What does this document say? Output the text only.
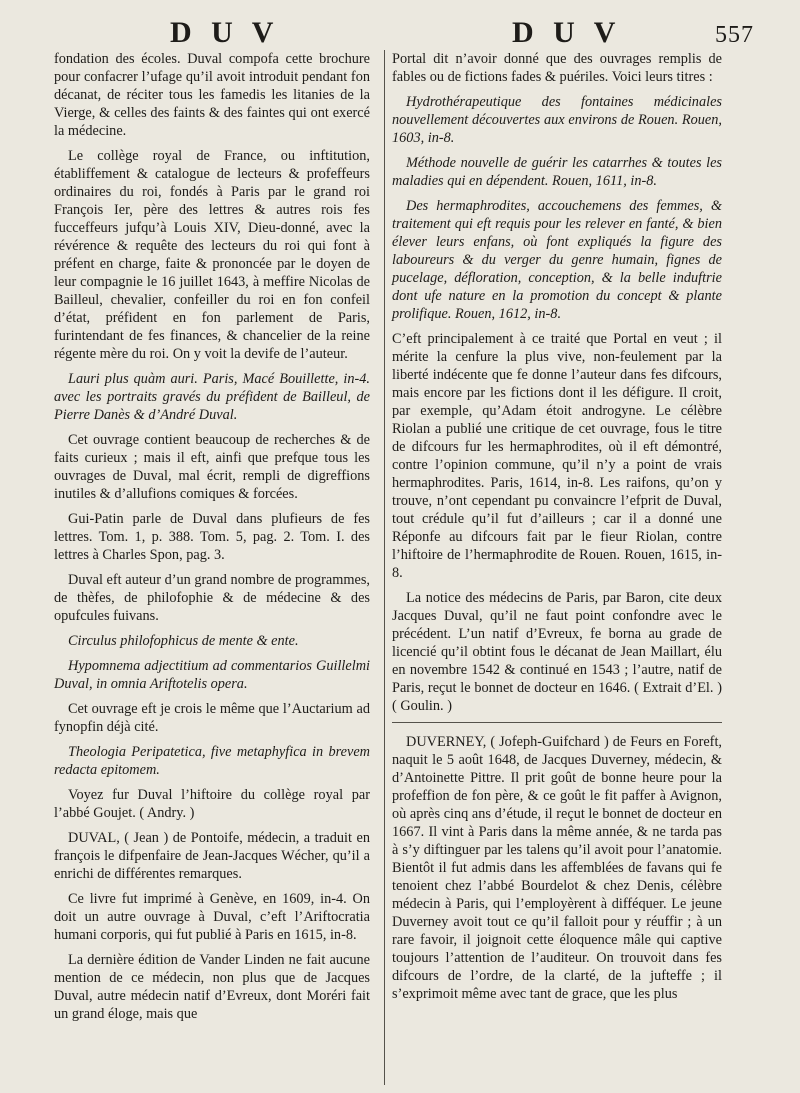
D U V	D U V	557

fondation des écoles. Duval compofa cette brochure pour confacrer l’ufage qu’il avoit introduit pendant fon décanat, de réciter tous les famedis les litanies de la Vierge, & celles des faints & des faintes qui ont exercé la médecine.

Le collège royal de France, ou inftitution, établiffement & catalogue de lecteurs & profeffeurs ordinaires du roi, fondés à Paris par le grand roi François Ier, père des lettres & autres rois fes fucceffeurs jufqu’à Louis XIV, Dieu-donné, avec la révérence & requête des lecteurs du roi qui font à préfent en charge, faite & prononcée par le doyen de leur compagnie le 16 juillet 1643, à meffire Nicolas de Bailleul, chevalier, confeiller du roi en fon confeil d’état, préfident en fon parlement de Paris, furintendant de fes finances, & chancelier de la reine régente mère du roi. On y voit la devife de l’auteur.

Lauri plus quàm auri. Paris, Macé Bouillette, in-4. avec les portraits gravés du préfident de Bailleul, de Pierre Danès & d’André Duval.

Cet ouvrage contient beaucoup de recherches & de faits curieux ; mais il eft, ainfi que prefque tous les ouvrages de Duval, mal écrit, rempli de digreffions inutiles & d’allufions comiques & forcées.

Gui-Patin parle de Duval dans plufieurs de fes lettres. Tom. 1, p. 388. Tom. 5, pag. 2. Tom. I. des lettres à Charles Spon, pag. 3.

Duval eft auteur d’un grand nombre de programmes, de thèfes, de philofophie & de médecine & des opufcules fuivans.

Circulus philofophicus de mente & ente.

Hypomnema adjectitium ad commentarios Guillelmi Duval, in omnia Ariftotelis opera.

Cet ouvrage eft je crois le même que l’Auctarium ad fynopfin déjà cité.

Theologia Peripatetica, five metaphyfica in brevem redacta epitomem.

Voyez fur Duval l’hiftoire du collège royal par l’abbé Goujet. ( Andry. )

DUVAL, ( Jean ) de Pontoife, médecin, a traduit en françois le difpenfaire de Jean-Jacques Wécher, qu’il a enrichi de différentes remarques.

Ce livre fut imprimé à Genève, en 1609, in-4. On doit un autre ouvrage à Duval, c’eft l’Ariftocratia humani corporis, qui fut publié à Paris en 1615, in-8.

La dernière édition de Vander Linden ne fait aucune mention de ce médecin, non plus que de Jacques Duval, autre médecin natif d’Evreux, dont Moréri fait un grand éloge, mais que

Portal dit n’avoir donné que des ouvrages remplis de fables ou de fictions fades & puériles. Voici leurs titres :

Hydrothérapeutique des fontaines médicinales nouvellement découvertes aux environs de Rouen. Rouen, 1603, in-8.

Méthode nouvelle de guérir les catarrhes & toutes les maladies qui en dépendent. Rouen, 1611, in-8.

Des hermaphrodites, accouchemens des femmes, & traitement qui eft requis pour les relever en fanté, & bien élever leurs enfans, où font expliqués la figure des laboureurs & du verger du genre humain, fignes de pucelage, défloration, conception, & la belle induftrie dont ufe nature en la promotion du concept & plante prolifique. Rouen, 1612, in-8.

C’eft principalement à ce traité que Portal en veut ; il mérite la cenfure la plus vive, non-feulement par la liberté indécente que fe donne l’auteur dans fes difcours, mais encore par les fictions dont il les défigure. Il croit, par exemple, qu’Adam étoit androgyne. Le célèbre Riolan a publié une critique de cet ouvrage, fous le titre de difcours fur les hermaphrodites, où il eft démontré, contre l’opinion commune, qu’il n’y a point de vrais hermaphrodites. Paris, 1614, in-8. Les raifons, qu’on y trouve, n’ont cependant pu convaincre l’efprit de Duval, tout crédule qu’il fut d’ailleurs ; car il a donné une Réponfe au difcours fait par le fieur Riolan, contre l’hiftoire de l’hermaphrodite de Rouen. Rouen, 1615, in-8.

La notice des médecins de Paris, par Baron, cite deux Jacques Duval, qu’il ne faut point confondre avec le précédent. L’un natif d’Evreux, fe borna au grade de licencié qu’il obtint fous le décanat de Jean Maillart, élu en novembre 1542 & continué en 1543 ; l’autre, natif de Paris, reçut le bonnet de docteur en 1646. ( Extrait d’El. ) ( Goulin. )

DUVERNEY, ( Jofeph-Guifchard ) de Feurs en Foreft, naquit le 5 août 1648, de Jacques Duverney, médecin, & d’Antoinette Pittre. Il prit goût de bonne heure pour la profeffion de fon père, & ce goût le fit paffer à Avignon, où après cinq ans d’étude, il reçut le bonnet de docteur en 1667. Il vint à Paris dans la même année, & ne tarda pas à s’y diftinguer par les talens qu’il avoit pour l’anatomie. Bientôt il fut admis dans les affemblées de favans qui fe tenoient chez l’abbé Bourdelot & chez Denis, célèbre médecin à Paris, qui l’employèrent à difféquer. Le jeune Duverney avoit tout ce qu’il falloit pour y réuffir ; à un rare favoir, il joignoit cette éloquence mâle qui captive toujours l’attention de l’auditeur. On trouvoit dans fes difcours de l’ordre, de la clarté, de la jufteffe ; il s’exprimoit même avec tant de grace, que les plus
